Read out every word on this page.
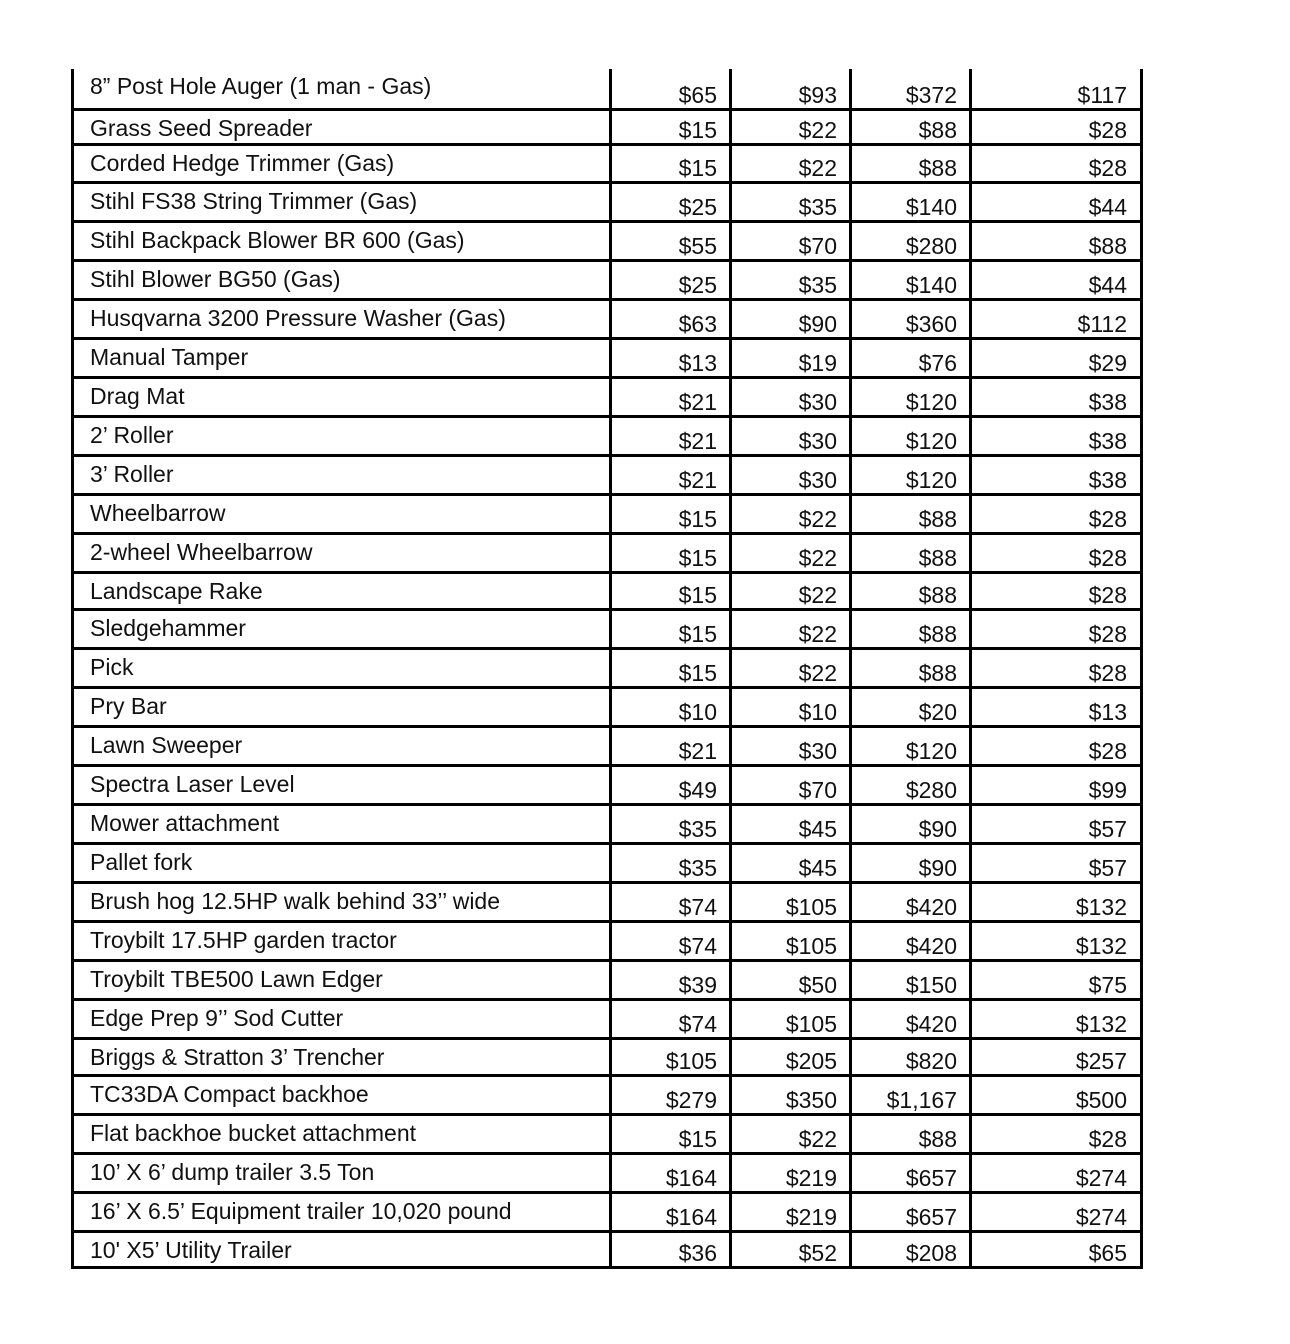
8” Post Hole Auger (1 man - Gas)	$65	$93	$372	$117
Grass Seed Spreader	$15	$22	$88	$28
Corded Hedge Trimmer (Gas)	$15	$22	$88	$28
Stihl FS38 String Trimmer (Gas)	$25	$35	$140	$44
Stihl Backpack Blower BR 600 (Gas)	$55	$70	$280	$88
Stihl Blower BG50 (Gas)	$25	$35	$140	$44
Husqvarna 3200 Pressure Washer (Gas)	$63	$90	$360	$112
Manual Tamper	$13	$19	$76	$29
Drag Mat	$21	$30	$120	$38
2’ Roller	$21	$30	$120	$38
3’ Roller	$21	$30	$120	$38
Wheelbarrow	$15	$22	$88	$28
2-wheel Wheelbarrow	$15	$22	$88	$28
Landscape Rake	$15	$22	$88	$28
Sledgehammer	$15	$22	$88	$28
Pick	$15	$22	$88	$28
Pry Bar	$10	$10	$20	$13
Lawn Sweeper	$21	$30	$120	$28
Spectra Laser Level	$49	$70	$280	$99
Mower attachment	$35	$45	$90	$57
Pallet fork	$35	$45	$90	$57
Brush hog 12.5HP walk behind 33’’ wide	$74	$105	$420	$132
Troybilt 17.5HP garden tractor	$74	$105	$420	$132
Troybilt TBE500 Lawn Edger	$39	$50	$150	$75
Edge Prep 9’’ Sod Cutter	$74	$105	$420	$132
Briggs & Stratton 3’ Trencher	$105	$205	$820	$257
TC33DA Compact backhoe	$279	$350	$1,167	$500
Flat backhoe bucket attachment	$15	$22	$88	$28
10’ X 6’ dump trailer 3.5 Ton	$164	$219	$657	$274
16’ X 6.5’ Equipment trailer 10,020 pound	$164	$219	$657	$274
10' X5’ Utility Trailer	$36	$52	$208	$65
